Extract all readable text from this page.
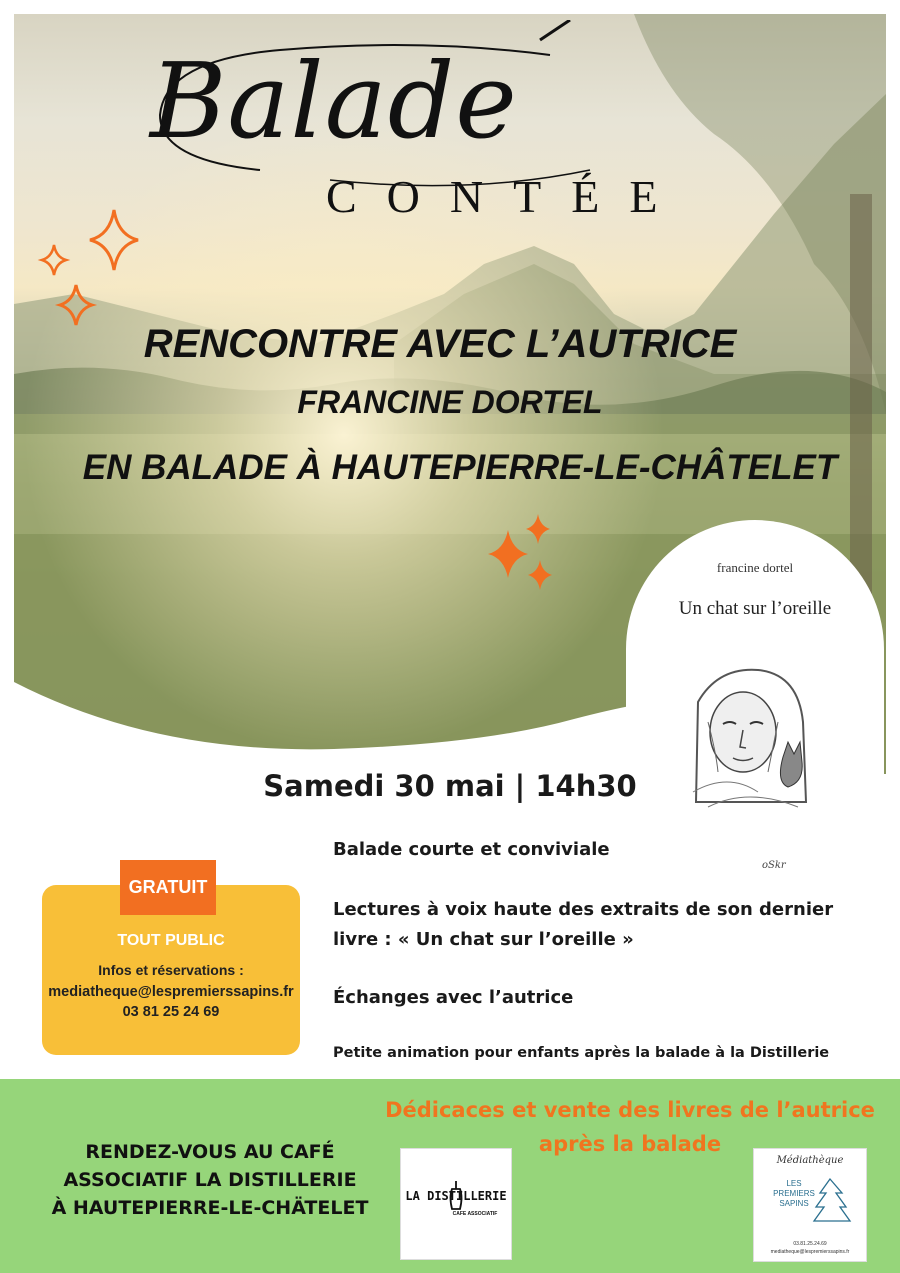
Balade
CONTÉE
RENCONTRE AVEC L’AUTRICE
FRANCINE DORTEL
EN BALADE À HAUTEPIERRE-LE-CHÂTELET
francine dortel
Un chat sur l’oreille
oSkr
Samedi 30 mai | 14h30
TOUT PUBLIC
Infos et réservations :
mediatheque@lespremierssapins.fr
03 81 25 24 69
GRATUIT
Balade courte et conviviale
Lectures à voix haute des extraits de son dernier
livre : « Un chat sur l’oreille »
Échanges avec l’autrice
Petite animation pour enfants après la balade à la Distillerie
RENDEZ-VOUS AU CAFÉ
ASSOCIATIF LA DISTILLERIE
À HAUTEPIERRE-LE-CHÄTELET
Dédicaces et vente des livres de l’autrice
après la balade
LA DISTILLERIE
CAFE ASSOCIATIF
Médiathèque
LES
PREMIERS
SAPINS
03.81.25.24.69
mediatheque@lespremierssapins.fr
